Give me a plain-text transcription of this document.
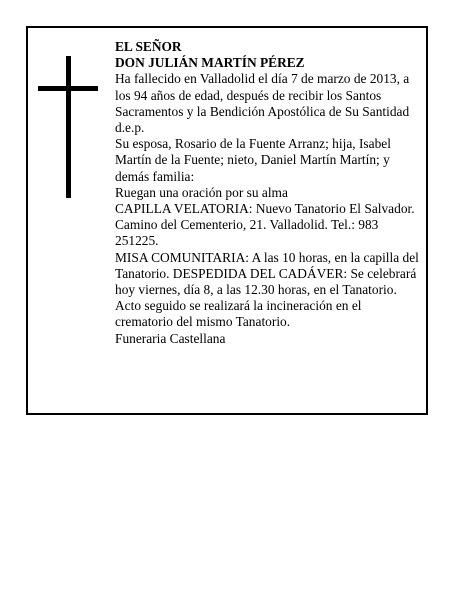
EL SEÑOR

DON JULIÁN MARTÍN PÉREZ

Ha fallecido en Valladolid el día 7 de marzo de 2013, a los 94 años de edad, después de recibir los Santos Sacramentos y la Bendición Apostólica de Su Santidad d.e.p.

Su esposa, Rosario de la Fuente Arranz; hija, Isabel Martín de la Fuente; nieto, Daniel Martín Martín; y demás familia:

Ruegan una oración por su alma

CAPILLA VELATORIA: Nuevo Tanatorio El Salvador. Camino del Cementerio, 21. Valladolid. Tel.: 983 251225.

MISA COMUNITARIA: A las 10 horas, en la capilla del Tanatorio. DESPEDIDA DEL CADÁVER: Se celebrará hoy viernes, día 8, a las 12.30 horas, en el Tanatorio. Acto seguido se realizará la incineración en el crematorio del mismo Tanatorio.

Funeraria Castellana
